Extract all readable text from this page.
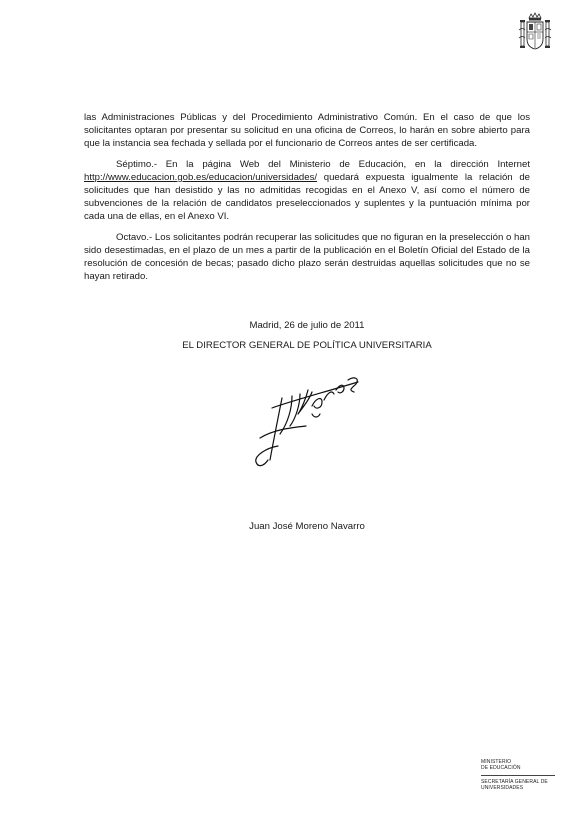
las Administraciones Públicas y del Procedimiento Administrativo Común. En el caso de que los solicitantes optaran por presentar su solicitud en una oficina de Correos, lo harán en sobre abierto para que la instancia sea fechada y sellada por el funcionario de Correos antes de ser certificada.

Séptimo.- En la página Web del Ministerio de Educación, en la dirección Internet http://www.educacion.gob.es/educacion/universidades/ quedará expuesta igualmente la relación de solicitudes que han desistido y las no admitidas recogidas en el Anexo V, así como el número de subvenciones de la relación de candidatos preseleccionados y suplentes y la puntuación mínima por cada una de ellas, en el Anexo VI.

Octavo.- Los solicitantes podrán recuperar las solicitudes que no figuran en la preselección o han sido desestimadas, en el plazo de un mes a partir de la publicación en el Boletín Oficial del Estado de la resolución de concesión de becas; pasado dicho plazo serán destruidas aquellas solicitudes que no se hayan retirado.

Madrid, 26 de julio de 2011
EL DIRECTOR GENERAL DE POLÍTICA UNIVERSITARIA
Juan José Moreno Navarro
MINISTERIO
DE EDUCACIÓN
SECRETARÍA GENERAL DE
UNIVERSIDADES
